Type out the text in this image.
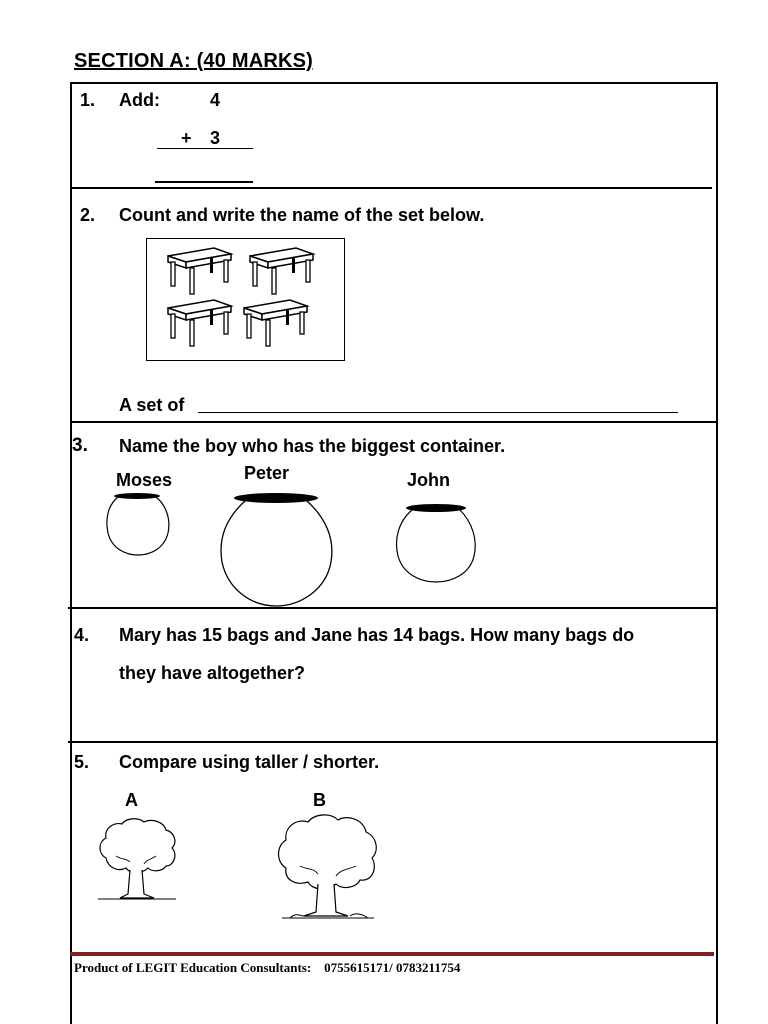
SECTION A: (40 MARKS)
1. Add:	4
+ 3
2. Count and write the name of the set below.
A set of
3. Name the boy who has the biggest container.
Moses	Peter	John
4. Mary has 15 bags and Jane has 14 bags. How many bags do
they have altogether?
5. Compare using taller / shorter.
A	B
Product of LEGIT Education Consultants:    0755615171/ 0783211754
